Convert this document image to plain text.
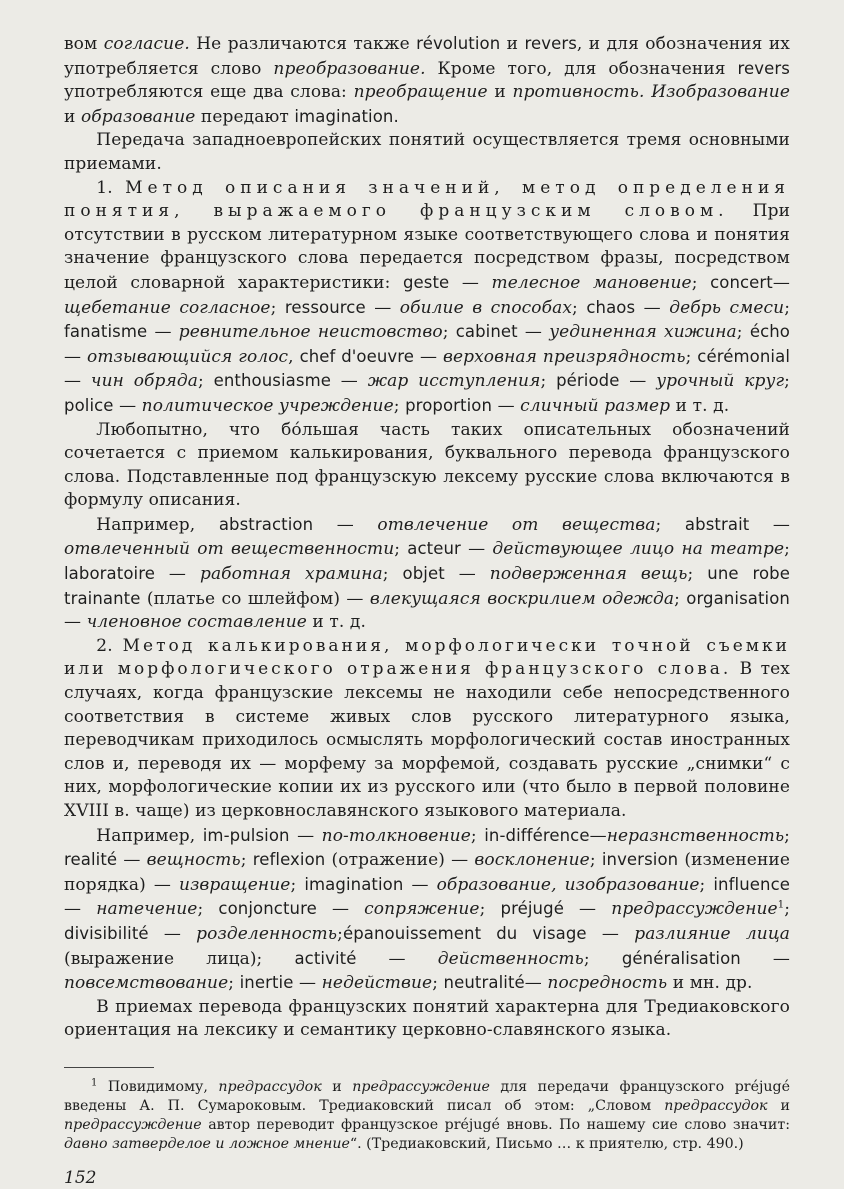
вом согласие. Не различаются также révolution и revers, и для обозначения их употребляется слово преобразование. Кроме того, для обозначения revers употребляются еще два слова: преобращение и противность. Изобразование и образование передают imagination.

Передача западноевропейских понятий осуществляется тремя основными приемами.

1. Метод описания значений, метод определения понятия, выражаемого французским словом. При отсутствии в русском литературном языке соответствующего слова и понятия значение французского слова передается посредством фразы, посредством целой словарной характеристики: geste — телесное мановение; concert— щебетание согласное; ressource — обилие в способах; chaos — дебрь смеси; fanatisme — ревнительное неистовство; cabinet — уединенная хижина; écho — отзывающийся голос, chef d'oeuvre — верховная преизрядность; cérémonial — чин обряда; enthousiasme — жар исступления; période — урочный круг; police — политическое учреждение; proportion — сличный размер и т. д.

Любопытно, что бо́льшая часть таких описательных обозначений сочетается с приемом калькирования, буквального перевода французского слова. Подставленные под французскую лексему русские слова включаются в формулу описания.

Например, abstraction — отвлечение от вещества; abstrait — отвлеченный от вещественности; acteur — действующее лицо на театре; laboratoire — работная храмина; objet — подверженная вещь; une robe trainante (платье со шлейфом) — влекущаяся воскрилием одежда; organisation — члeновное составление и т. д.

2. Метод калькирования, морфологически точной съемки или морфологического отражения французского слова. В тех случаях, когда французские лексемы не находили себе непосредственного соответствия в системе живых слов русского литературного языка, переводчикам приходилось осмыслять морфологический состав иностранных слов и, переводя их — морфему за морфемой, создавать русские „снимки“ с них, морфологические копии их из русского или (что было в первой половине XVIII в. чаще) из церковнославянского языкового материала.

Например, im-pulsion — по-толкновение; in-différence—неразнственность; realité — вещность; reflexion (отражение) — восклонение; inversion (изменение порядка) — извращение; imagination — образование, изобразование; influence — натечение; conjoncture — сопряжение; préjugé — предрассуждение$^1$; divisibilité — розделенность;épanouissement du visage — разлияние лица (выражение лица); activité — действенность; généralisation — повсемствование; inertie — недействие; neutralité— посредность и мн. др.

В приемах перевода французских понятий характерна для Тредиаковского ориентация на лексику и семантику церковно-славянского языка.

$^1$ Повидимому, предрассудок и предрассуждение для передачи французского préjugé введены А. П. Сумароковым. Тредиаковский писал об этом: „Словом предрассудок и предрассуждение автор переводит французское préjugé вновь. По нашему сие слово значит: давно затверделое и ложное мнение“. (Тредиаковский, Письмо … к приятелю, стр. 490.)

152
